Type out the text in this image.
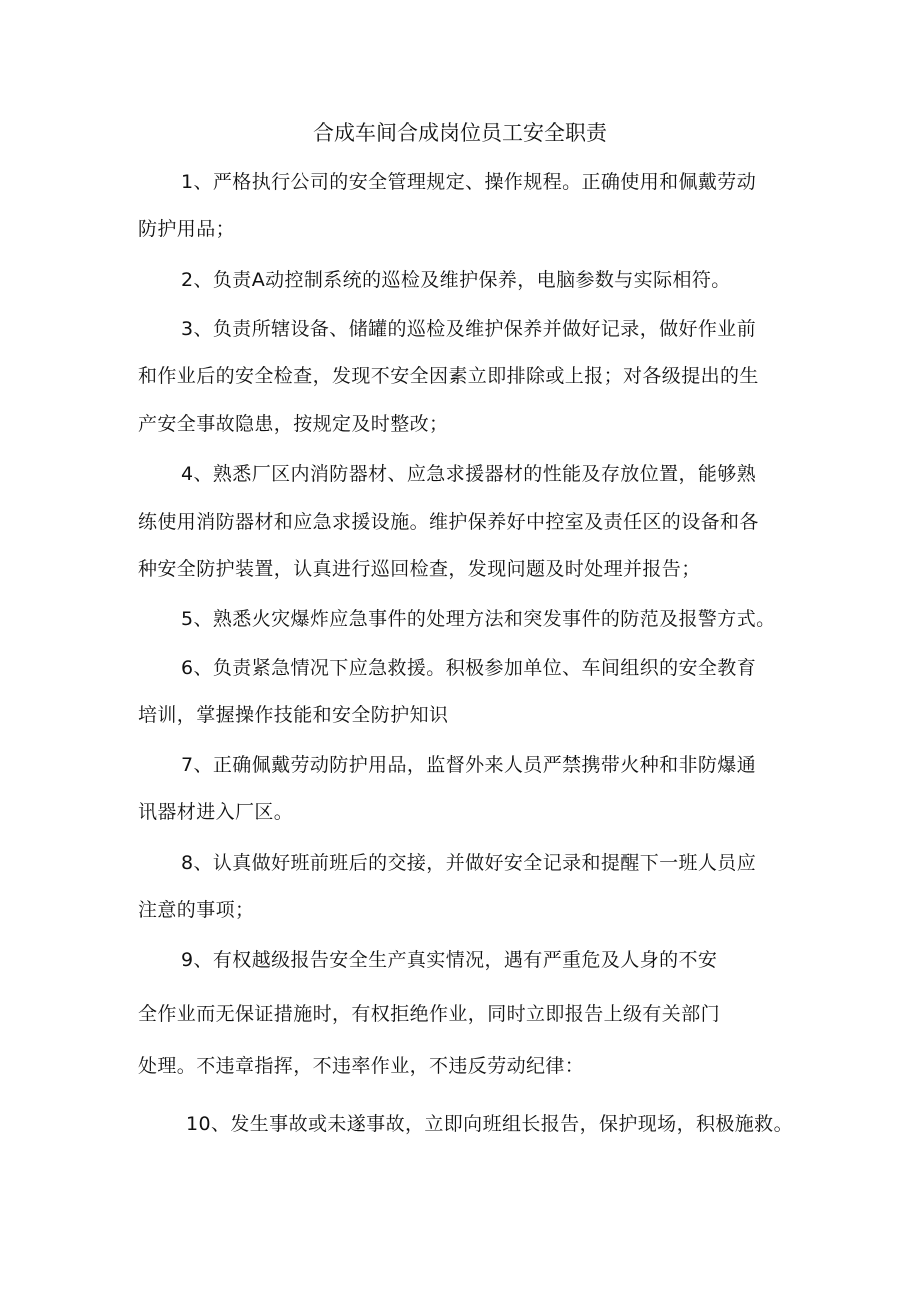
合成车间合成岗位员工安全职责
1、严格执行公司的安全管理规定、操作规程。正确使用和佩戴劳动
防护用品；
2、负责A动控制系统的巡检及维护保养，电脑参数与实际相符。
3、负责所辖设备、储罐的巡检及维护保养并做好记录，做好作业前
和作业后的安全检查，发现不安全因素立即排除或上报；对各级提出的生
产安全事故隐患，按规定及时整改；
4、熟悉厂区内消防器材、应急求援器材的性能及存放位置，能够熟
练使用消防器材和应急求援设施。维护保养好中控室及责任区的设备和各
种安全防护装置，认真进行巡回检查，发现问题及时处理并报告；
5、熟悉火灾爆炸应急事件的处理方法和突发事件的防范及报警方式。
6、负责紧急情况下应急救援。积极参加单位、车间组织的安全教育
培训，掌握操作技能和安全防护知识
7、正确佩戴劳动防护用品，监督外来人员严禁携带火种和非防爆通
讯器材进入厂区。
8、认真做好班前班后的交接，并做好安全记录和提醒下一班人员应
注意的事项；
9、有权越级报告安全生产真实情况，遇有严重危及人身的不安
全作业而无保证措施时，有权拒绝作业，同时立即报告上级有关部门
处理。不违章指挥，不违率作业，不违反劳动纪律：
10、发生事故或未遂事故，立即向班组长报告，保护现场，积极施救。
